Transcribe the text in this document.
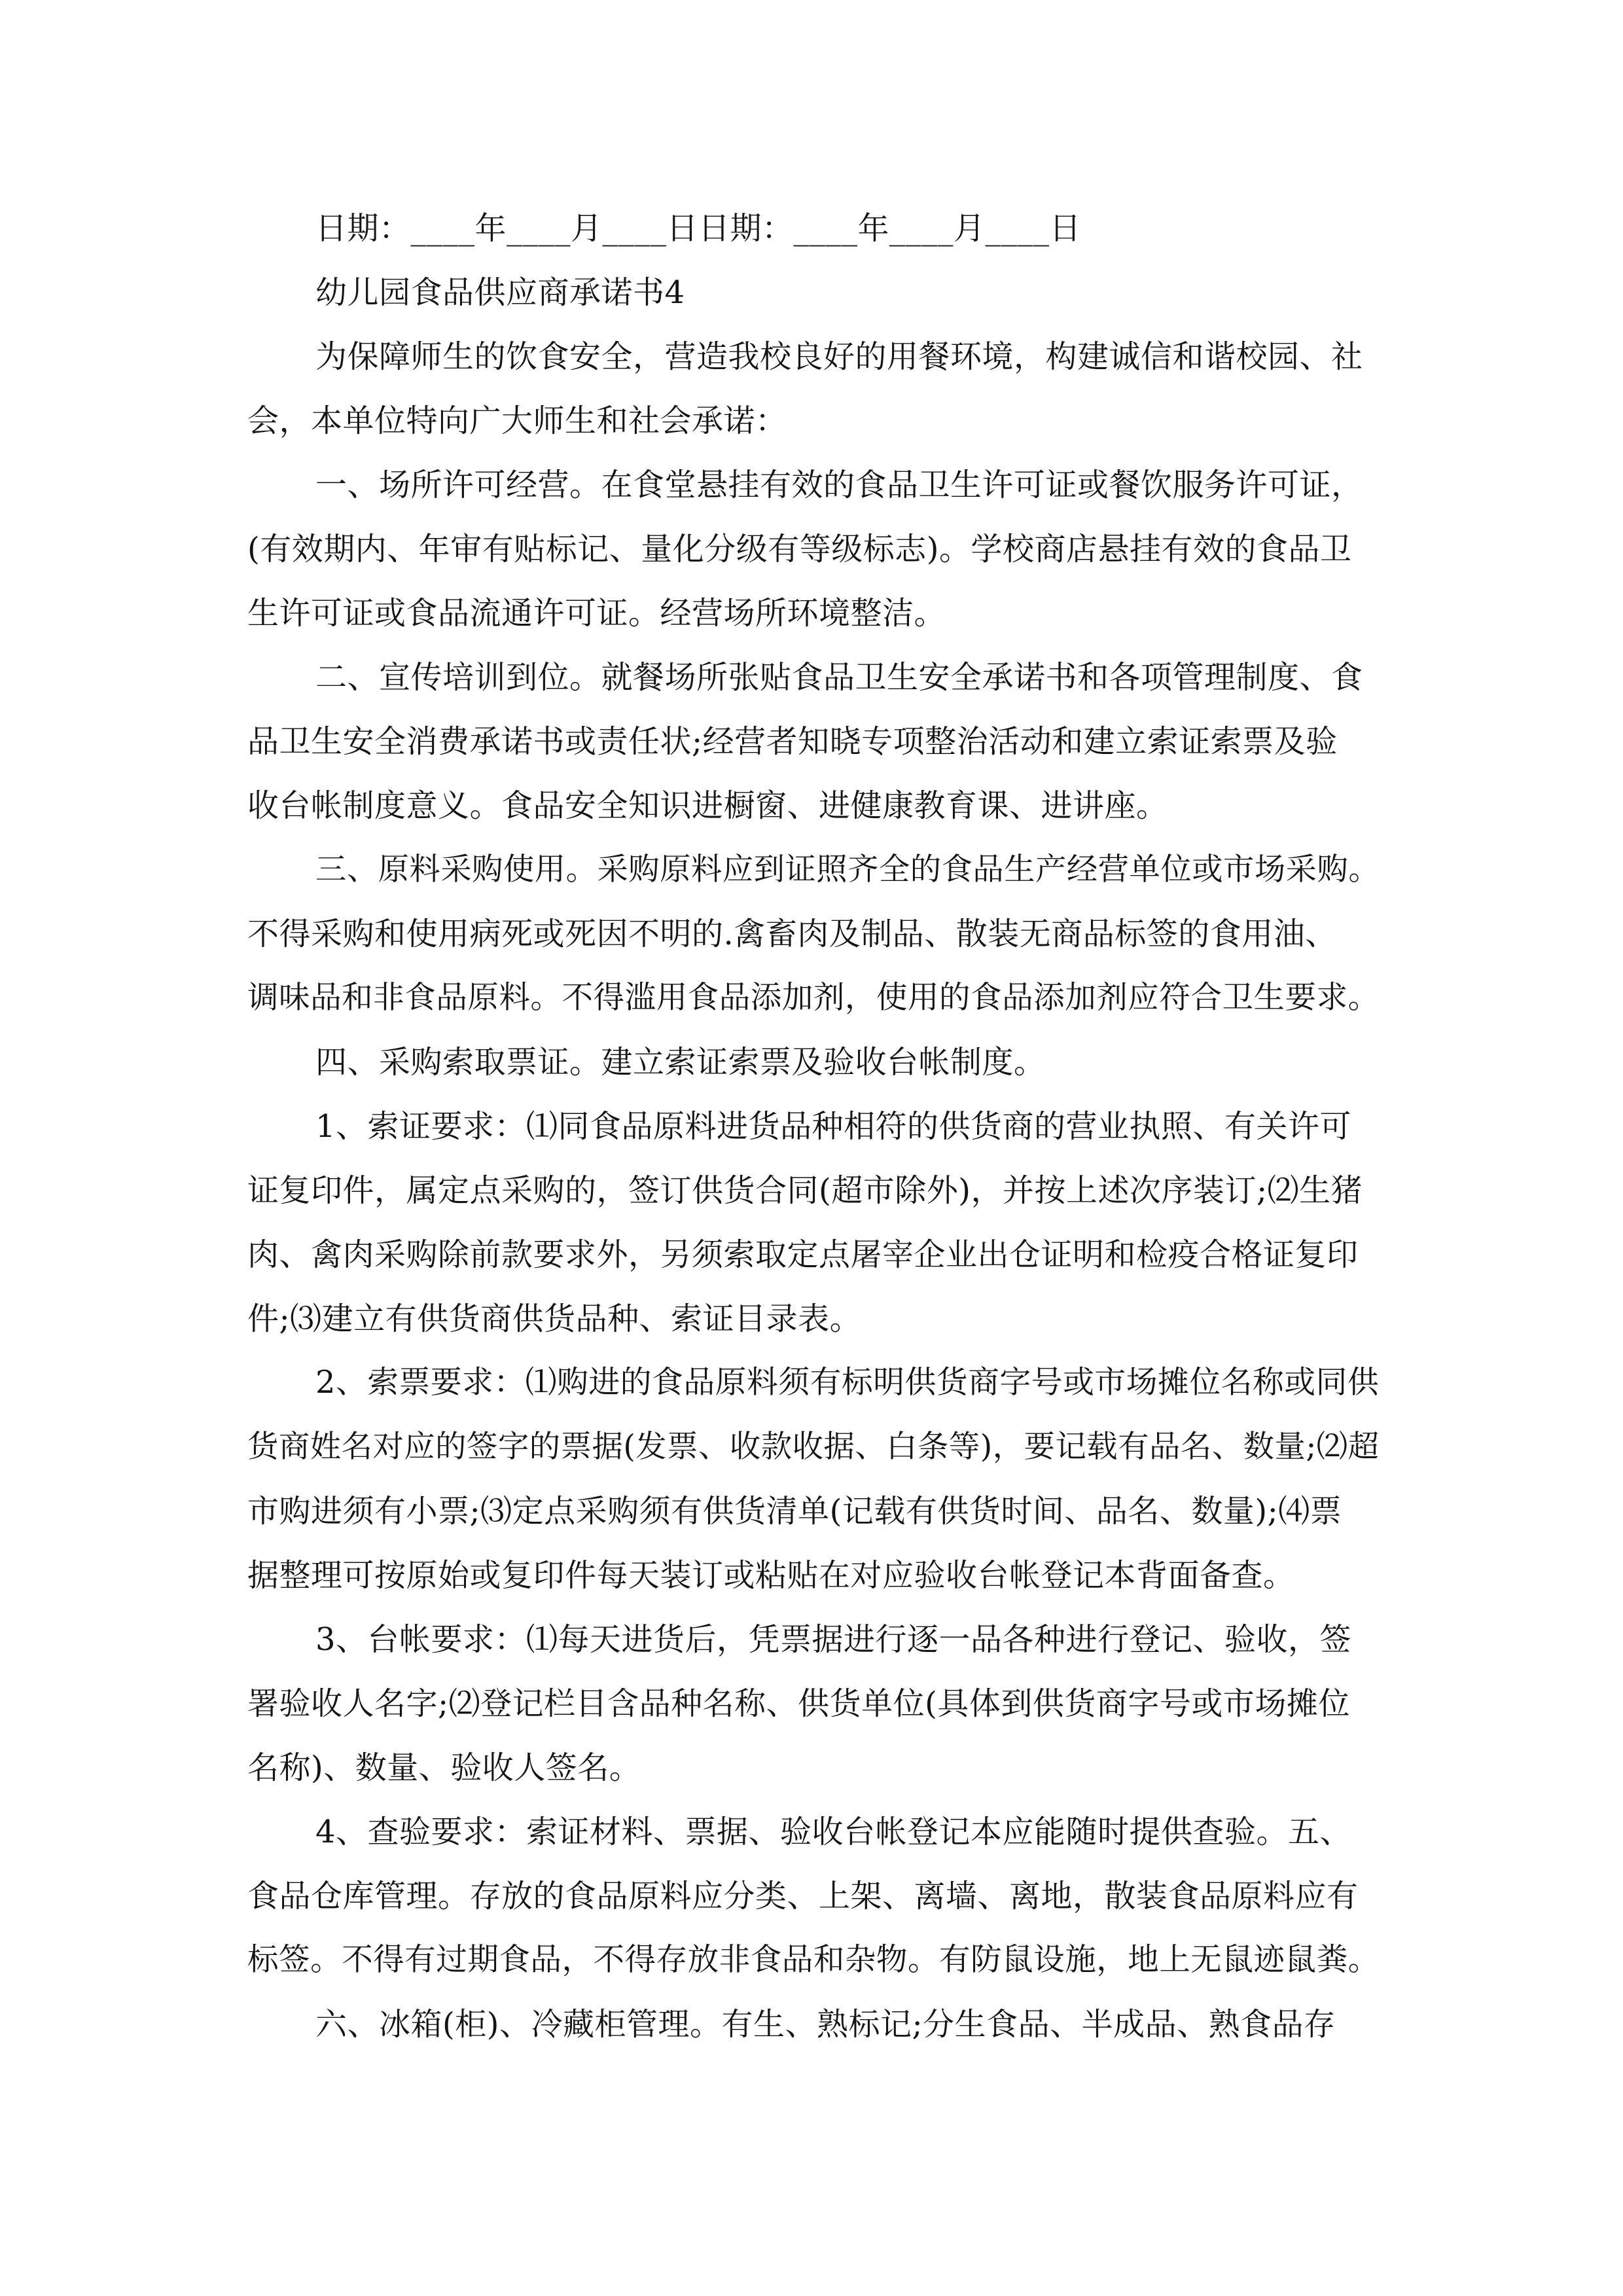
日期：____年____月____日日期：____年____月____日
幼儿园食品供应商承诺书4
为保障师生的饮食安全，营造我校良好的用餐环境，构建诚信和谐校园、社
会，本单位特向广大师生和社会承诺：
一、场所许可经营。在食堂悬挂有效的食品卫生许可证或餐饮服务许可证，
(有效期内、年审有贴标记、量化分级有等级标志)。学校商店悬挂有效的食品卫
生许可证或食品流通许可证。经营场所环境整洁。
二、宣传培训到位。就餐场所张贴食品卫生安全承诺书和各项管理制度、食
品卫生安全消费承诺书或责任状;经营者知晓专项整治活动和建立索证索票及验
收台帐制度意义。食品安全知识进橱窗、进健康教育课、进讲座。
三、原料采购使用。采购原料应到证照齐全的食品生产经营单位或市场采购。
不得采购和使用病死或死因不明的.禽畜肉及制品、散装无商品标签的食用油、
调味品和非食品原料。不得滥用食品添加剂，使用的食品添加剂应符合卫生要求。
四、采购索取票证。建立索证索票及验收台帐制度。
1、索证要求：⑴同食品原料进货品种相符的供货商的营业执照、有关许可
证复印件，属定点采购的，签订供货合同(超市除外)，并按上述次序装订;⑵生猪
肉、禽肉采购除前款要求外，另须索取定点屠宰企业出仓证明和检疫合格证复印
件;⑶建立有供货商供货品种、索证目录表。
2、索票要求：⑴购进的食品原料须有标明供货商字号或市场摊位名称或同供
货商姓名对应的签字的票据(发票、收款收据、白条等)，要记载有品名、数量;⑵超
市购进须有小票;⑶定点采购须有供货清单(记载有供货时间、品名、数量);⑷票
据整理可按原始或复印件每天装订或粘贴在对应验收台帐登记本背面备查。
3、台帐要求：⑴每天进货后，凭票据进行逐一品各种进行登记、验收，签
署验收人名字;⑵登记栏目含品种名称、供货单位(具体到供货商字号或市场摊位
名称)、数量、验收人签名。
4、查验要求：索证材料、票据、验收台帐登记本应能随时提供查验。五、
食品仓库管理。存放的食品原料应分类、上架、离墙、离地，散装食品原料应有
标签。不得有过期食品，不得存放非食品和杂物。有防鼠设施，地上无鼠迹鼠粪。
六、冰箱(柜)、冷藏柜管理。有生、熟标记;分生食品、半成品、熟食品存
